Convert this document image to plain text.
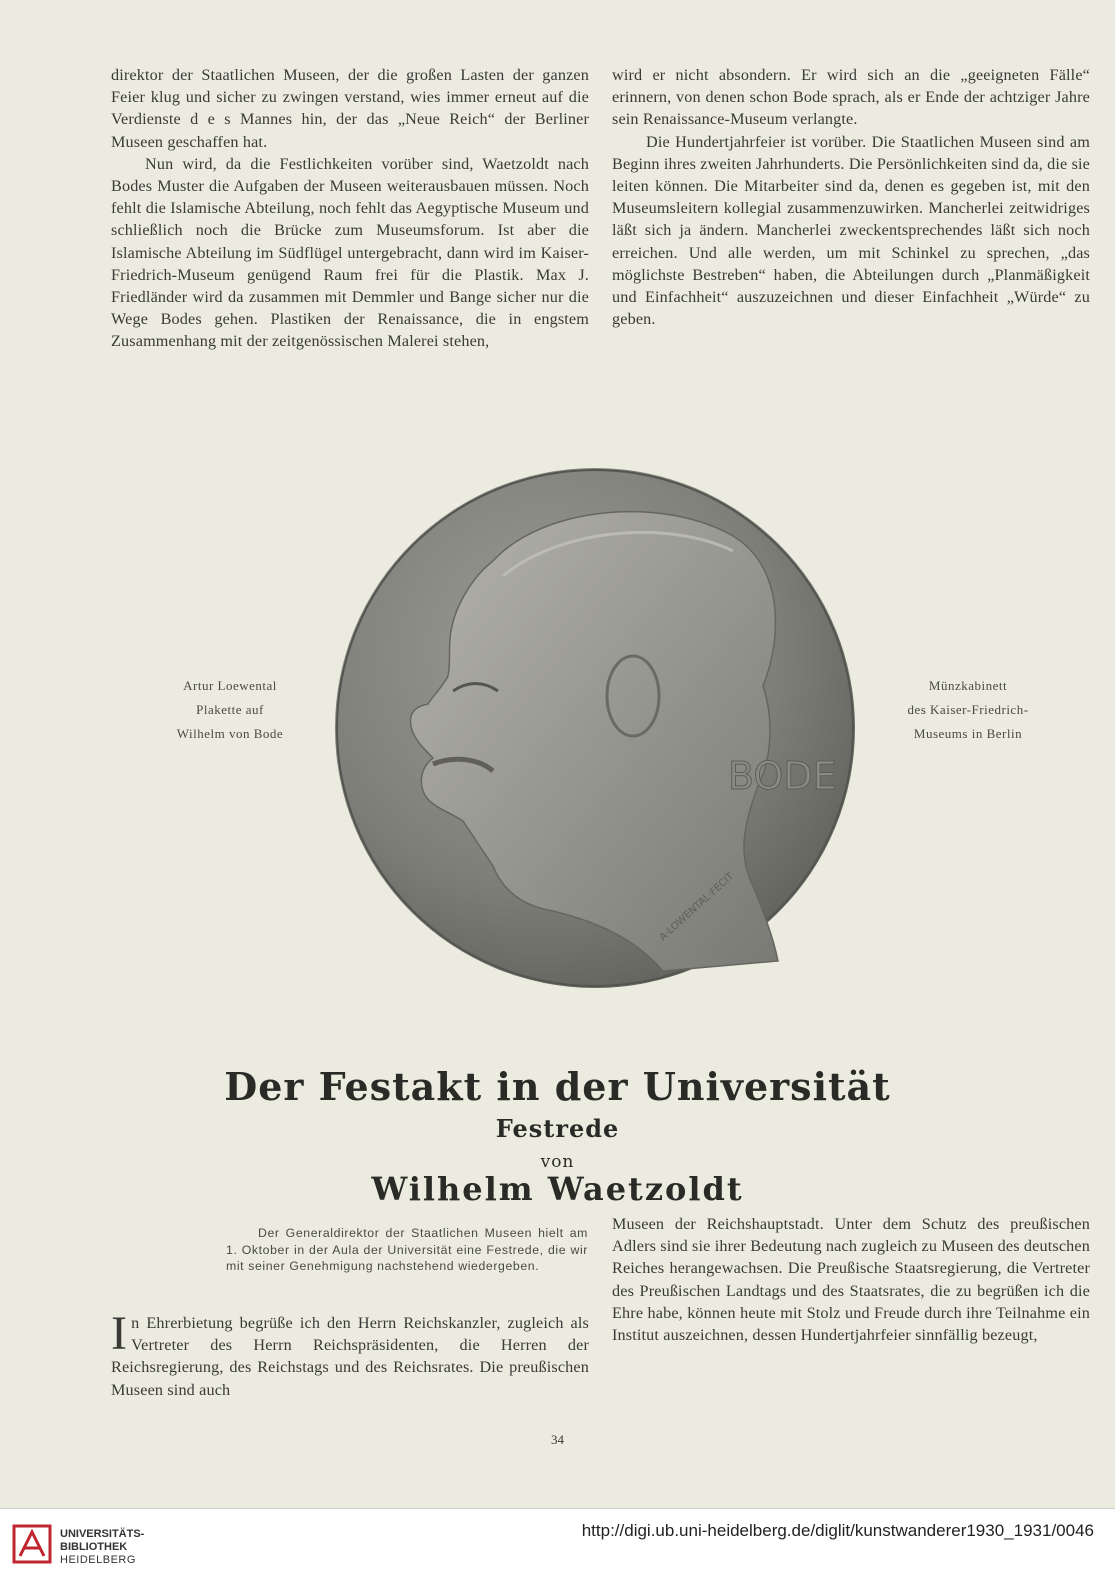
direktor der Staatlichen Museen, der die großen Lasten der ganzen Feier klug und sicher zu zwingen verstand, wies immer erneut auf die Verdienste d e s Mannes hin, der das „Neue Reich“ der Berliner Museen geschaffen hat.

Nun wird, da die Festlichkeiten vorüber sind, Waetzoldt nach Bodes Muster die Aufgaben der Museen weiterausbauen müssen. Noch fehlt die Islamische Abteilung, noch fehlt das Aegyptische Museum und schließlich noch die Brücke zum Museumsforum. Ist aber die Islamische Abteilung im Südflügel untergebracht, dann wird im Kaiser-Friedrich-Museum genügend Raum frei für die Plastik. Max J. Friedländer wird da zusammen mit Demmler und Bange sicher nur die Wege Bodes gehen. Plastiken der Renaissance, die in engstem Zusammenhang mit der zeitgenössischen Malerei stehen,

wird er nicht absondern. Er wird sich an die „geeigneten Fälle“ erinnern, von denen schon Bode sprach, als er Ende der achtziger Jahre sein Renaissance-Museum verlangte.

Die Hundertjahrfeier ist vorüber. Die Staatlichen Museen sind am Beginn ihres zweiten Jahrhunderts. Die Persönlichkeiten sind da, die sie leiten können. Die Mitarbeiter sind da, denen es gegeben ist, mit den Museumsleitern kollegial zusammenzuwirken. Mancherlei zeitwidriges läßt sich ja ändern. Mancherlei zweckentsprechendes läßt sich noch erreichen. Und alle werden, um mit Schinkel zu sprechen, „das möglichste Bestreben“ haben, die Abteilungen durch „Planmäßigkeit und Einfachheit“ auszuzeichnen und dieser Einfachheit „Würde“ zu geben.

Artur Loewental
Plakette auf
Wilhelm von Bode
Münzkabinett
des Kaiser-Friedrich-
Museums in Berlin
BODE
A·LOWENTAL·FECIT
Der Festakt in der Universität
Festrede
von
Wilhelm Waetzoldt

Der Generaldirektor der Staatlichen Museen hielt am 1. Oktober in der Aula der Universität eine Festrede, die wir mit seiner Genehmigung nachstehend wiedergeben.

In Ehrerbietung begrüße ich den Herrn Reichskanzler, zugleich als Vertreter des Herrn Reichspräsidenten, die Herren der Reichsregierung, des Reichstags und des Reichsrates. Die preußischen Museen sind auch

Museen der Reichshauptstadt. Unter dem Schutz des preußischen Adlers sind sie ihrer Bedeutung nach zugleich zu Museen des deutschen Reiches herangewachsen. Die Preußische Staatsregierung, die Vertreter des Preußischen Landtags und des Staatsrates, die zu begrüßen ich die Ehre habe, können heute mit Stolz und Freude durch ihre Teilnahme ein Institut auszeichnen, dessen Hundertjahrfeier sinnfällig bezeugt,

34
UNIVERSITÄTS-
BIBLIOTHEK
HEIDELBERG
http://digi.ub.uni-heidelberg.de/diglit/kunstwanderer1930_1931/0046
